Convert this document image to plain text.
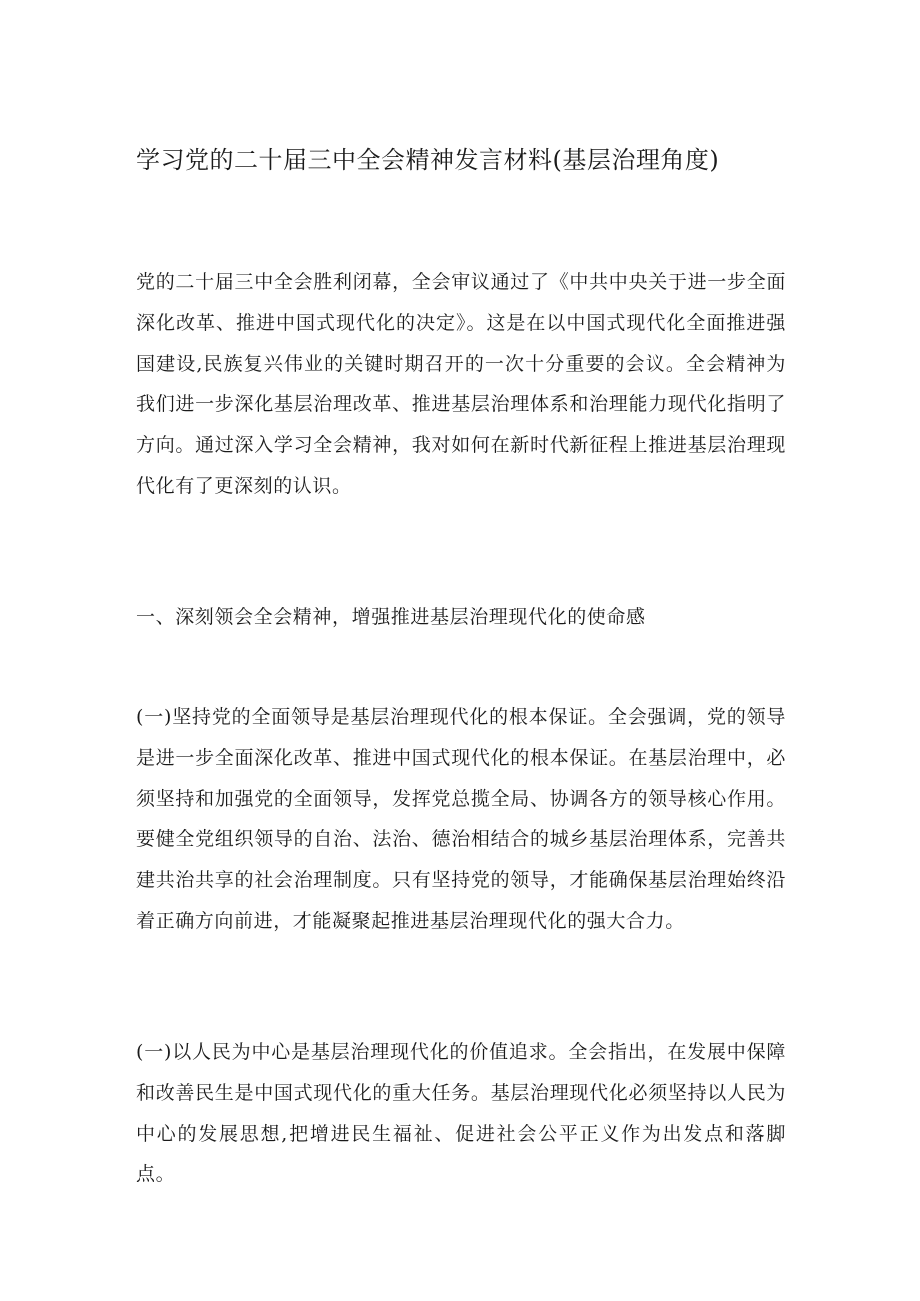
学习党的二十届三中全会精神发言材料(基层治理角度)

党的二十届三中全会胜利闭幕，全会审议通过了《中共中央关于进一步全面深化改革、推进中国式现代化的决定》。这是在以中国式现代化全面推进强国建设,民族复兴伟业的关键时期召开的一次十分重要的会议。全会精神为我们进一步深化基层治理改革、推进基层治理体系和治理能力现代化指明了方向。通过深入学习全会精神，我对如何在新时代新征程上推进基层治理现代化有了更深刻的认识。

一、深刻领会全会精神，增强推进基层治理现代化的使命感

(一)坚持党的全面领导是基层治理现代化的根本保证。全会强调，党的领导是进一步全面深化改革、推进中国式现代化的根本保证。在基层治理中，必须坚持和加强党的全面领导，发挥党总揽全局、协调各方的领导核心作用。要健全党组织领导的自治、法治、德治相结合的城乡基层治理体系，完善共建共治共享的社会治理制度。只有坚持党的领导，才能确保基层治理始终沿着正确方向前进，才能凝聚起推进基层治理现代化的强大合力。

(一)以人民为中心是基层治理现代化的价值追求。全会指出，在发展中保障和改善民生是中国式现代化的重大任务。基层治理现代化必须坚持以人民为中心的发展思想,把增进民生福祉、促进社会公平正义作为出发点和落脚点。
